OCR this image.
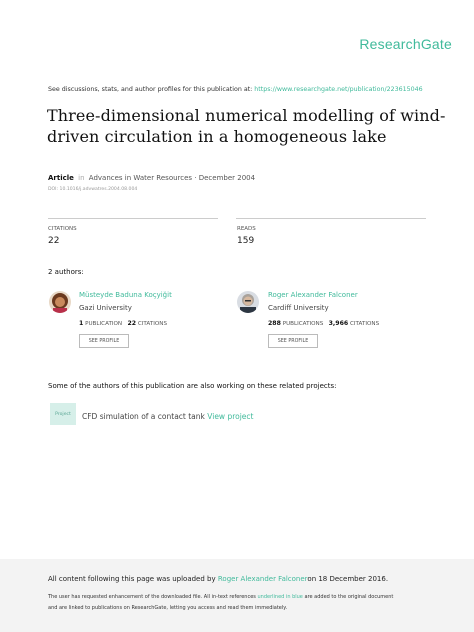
ResearchGate
See discussions, stats, and author profiles for this publication at: https://www.researchgate.net/publication/223615046
Three-dimensional numerical modelling of wind-driven circulation in a homogeneous lake
Article in Advances in Water Resources · December 2004
DOI: 10.1016/j.advwatres.2004.08.004
CITATIONS
22
READS
159
2 authors:
Müsteyde Baduna Koçyiğit
Gazi University
1 PUBLICATION 22 CITATIONS
SEE PROFILE
Roger Alexander Falconer
Cardiff University
288 PUBLICATIONS 3,966 CITATIONS
SEE PROFILE
Some of the authors of this publication are also working on these related projects:
Project	CFD simulation of a contact tank View project
All content following this page was uploaded by Roger Alexander Falconeron 18 December 2016.
The user has requested enhancement of the downloaded file. All in-text references underlined in blue are added to the original document
and are linked to publications on ResearchGate, letting you access and read them immediately.
